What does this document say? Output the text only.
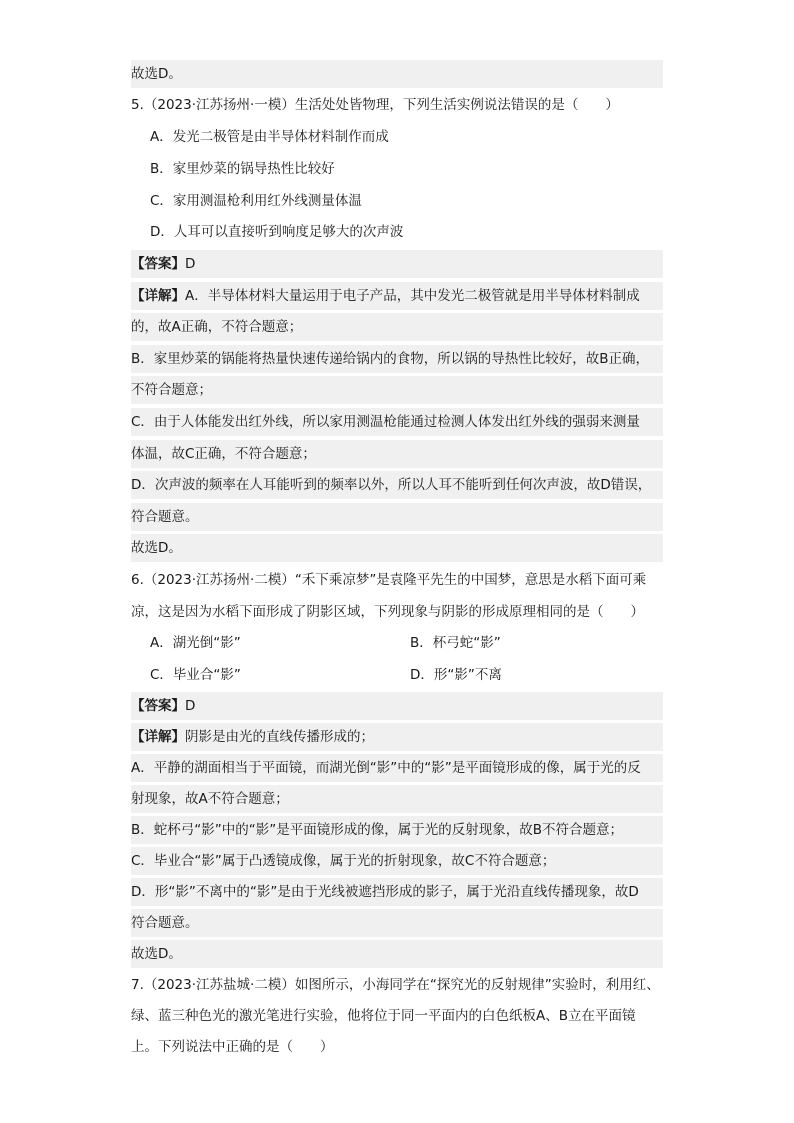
故选D。
5.（2023·江苏扬州·一模）生活处处皆物理，下列生活实例说法错误的是（　　）
A．发光二极管是由半导体材料制作而成
B．家里炒菜的锅导热性比较好
C．家用测温枪利用红外线测量体温
D．人耳可以直接听到响度足够大的次声波
【答案】D
【详解】A．半导体材料大量运用于电子产品，其中发光二极管就是用半导体材料制成
的，故A正确，不符合题意；
B．家里炒菜的锅能将热量快速传递给锅内的食物，所以锅的导热性比较好，故B正确，
不符合题意；
C．由于人体能发出红外线，所以家用测温枪能通过检测人体发出红外线的强弱来测量
体温，故C正确，不符合题意；
D．次声波的频率在人耳能听到的频率以外，所以人耳不能听到任何次声波，故D错误，
符合题意。
故选D。
6.（2023·江苏扬州·二模）“禾下乘凉梦”是袁隆平先生的中国梦，意思是水稻下面可乘
凉，这是因为水稻下面形成了阴影区域，下列现象与阴影的形成原理相同的是（　　）
A．湖光倒“影”	B．杯弓蛇“影”
C．毕业合“影”	D．形“影”不离
【答案】D
【详解】阴影是由光的直线传播形成的；
A．平静的湖面相当于平面镜，而湖光倒“影”中的“影”是平面镜形成的像，属于光的反
射现象，故A不符合题意；
B．蛇杯弓“影”中的“影”是平面镜形成的像，属于光的反射现象，故B不符合题意；
C．毕业合“影”属于凸透镜成像，属于光的折射现象，故C不符合题意；
D．形“影”不离中的“影”是由于光线被遮挡形成的影子，属于光沿直线传播现象，故D
符合题意。
故选D。
7.（2023·江苏盐城·二模）如图所示，小海同学在“探究光的反射规律”实验时，利用红、
绿、蓝三种色光的激光笔进行实验，他将位于同一平面内的白色纸板A、B立在平面镜
上。下列说法中正确的是（　　）
